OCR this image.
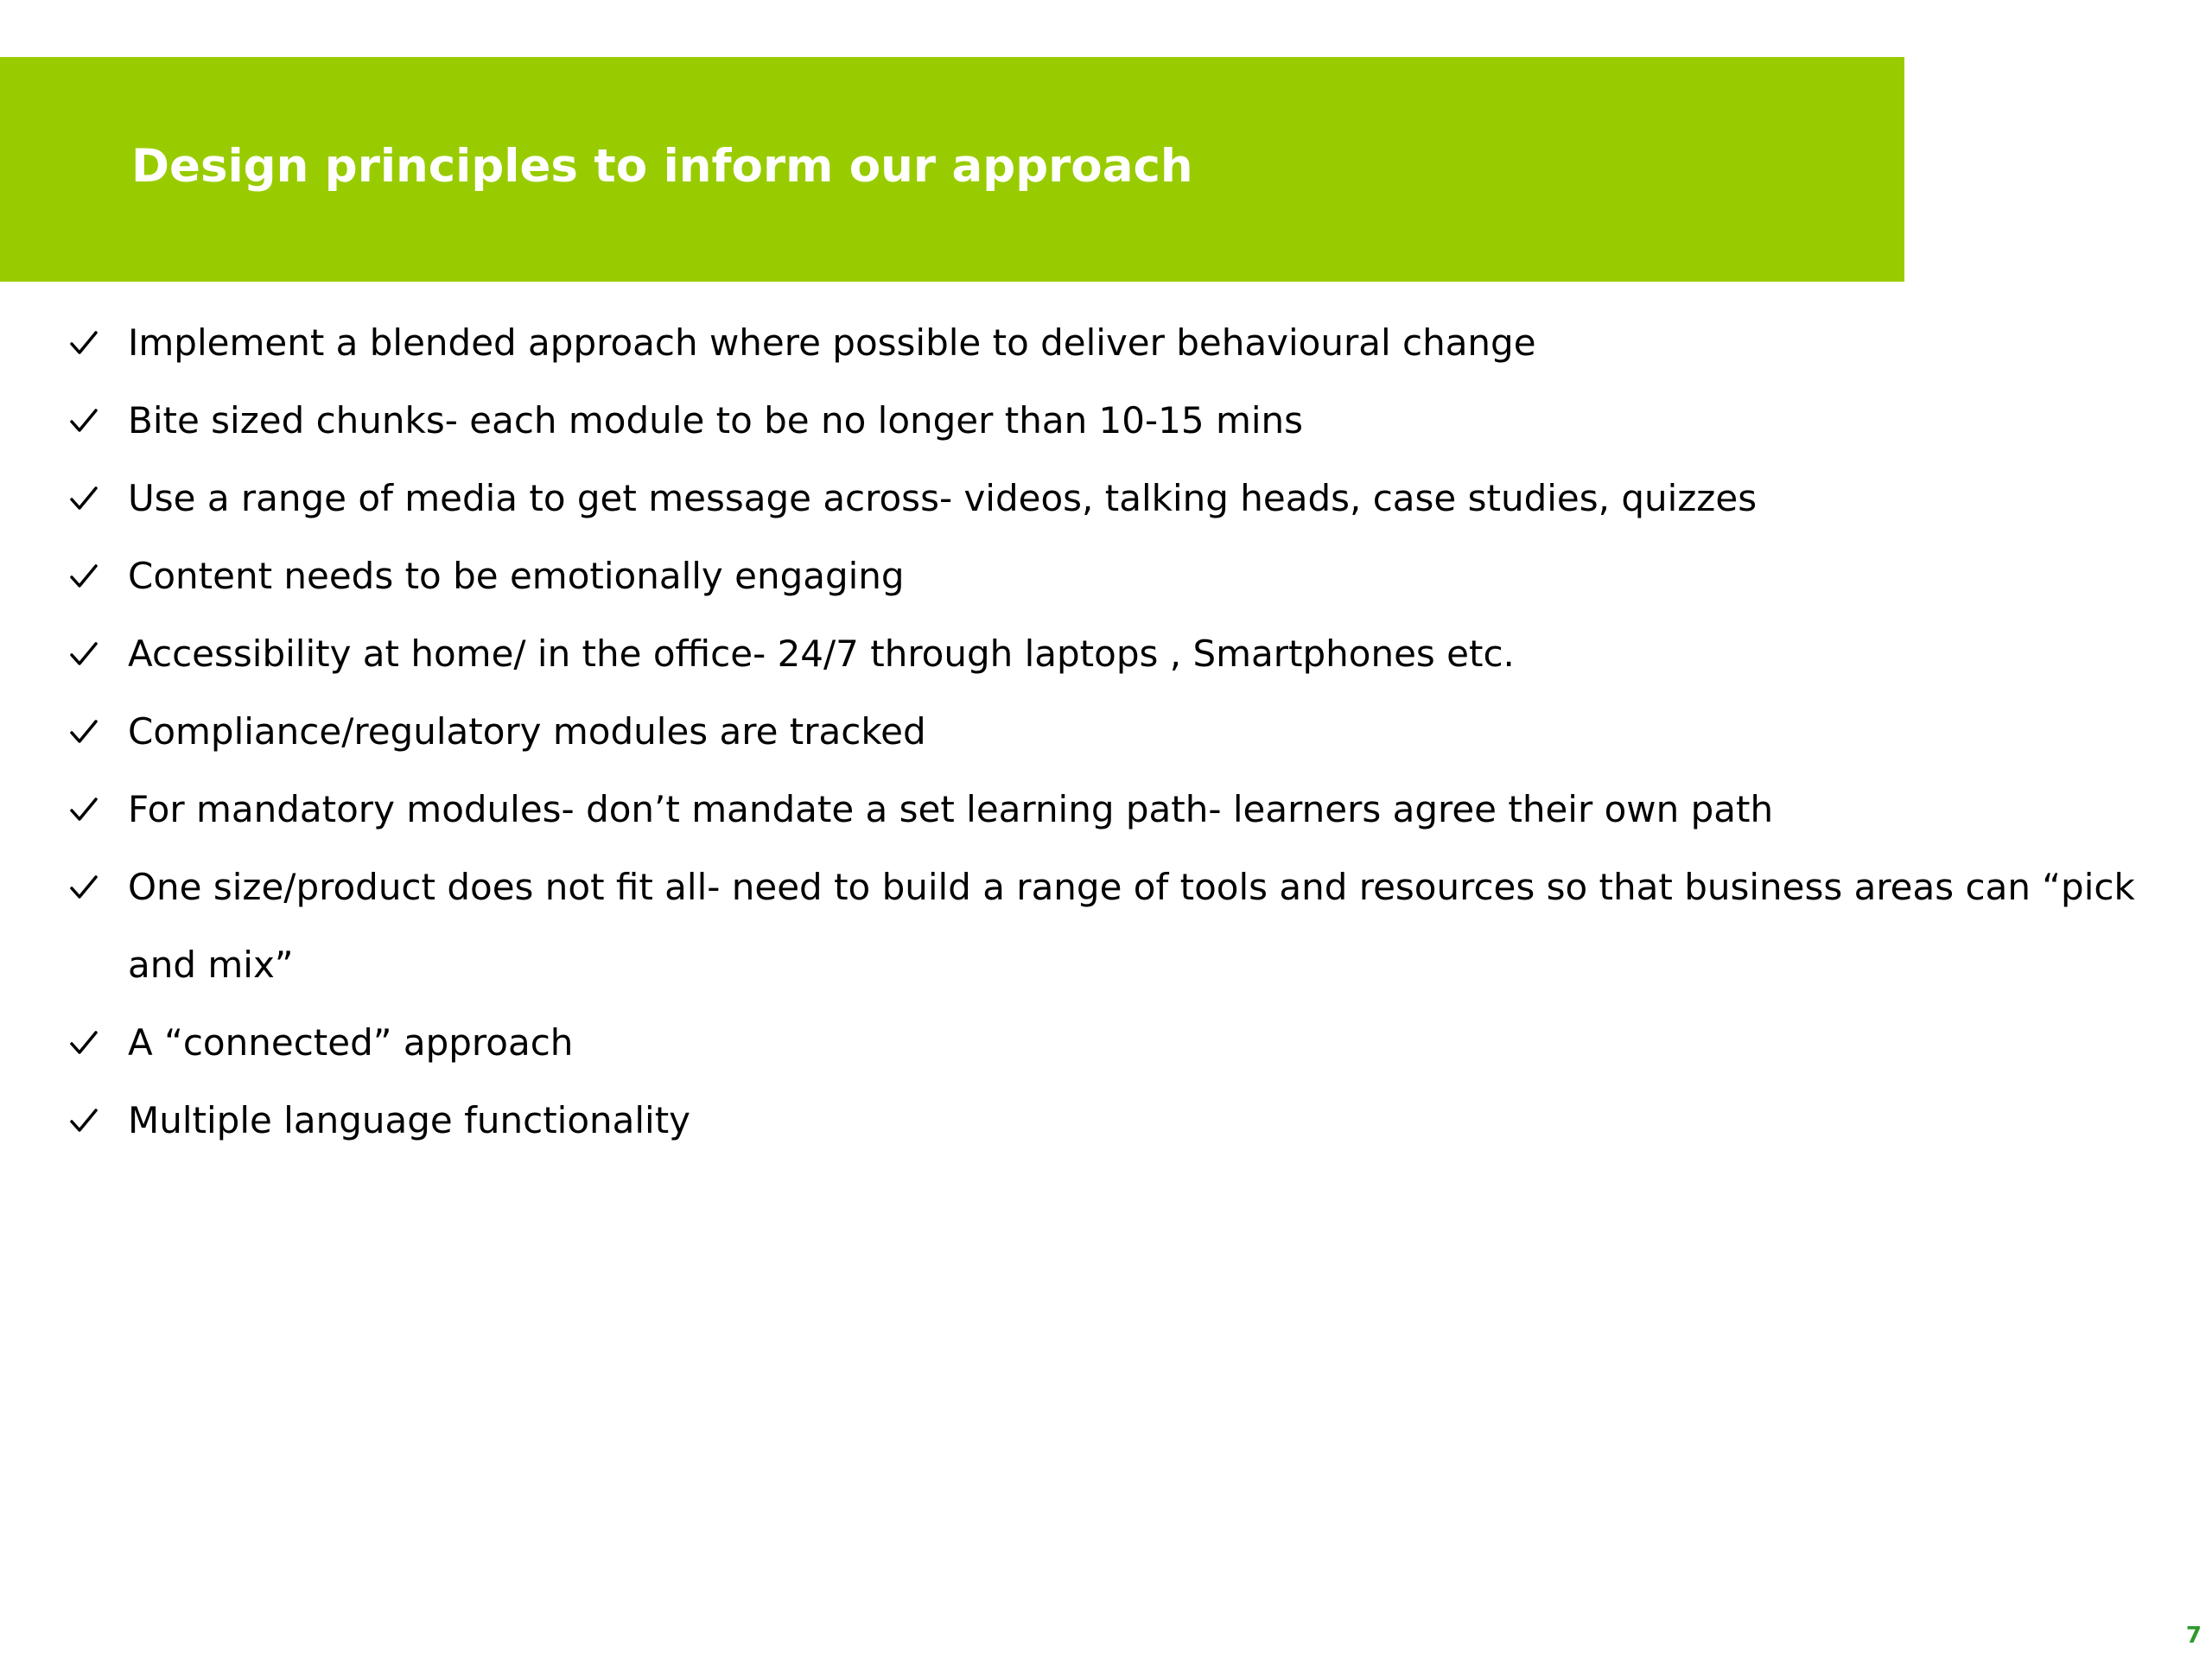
Design principles to inform our approach
Implement a blended approach where possible to deliver behavioural change
Bite sized chunks- each module to be no longer than 10-15 mins
Use a range of media to get message across- videos, talking heads, case studies, quizzes
Content needs to be emotionally engaging
Accessibility at home/ in the office- 24/7 through laptops , Smartphones etc.
Compliance/regulatory modules are tracked
For mandatory modules- don’t mandate a set learning path- learners agree their own path
One size/product does not fit all- need to build a range of tools and resources so that business areas can “pick and mix”
A “connected” approach
Multiple language functionality
7
